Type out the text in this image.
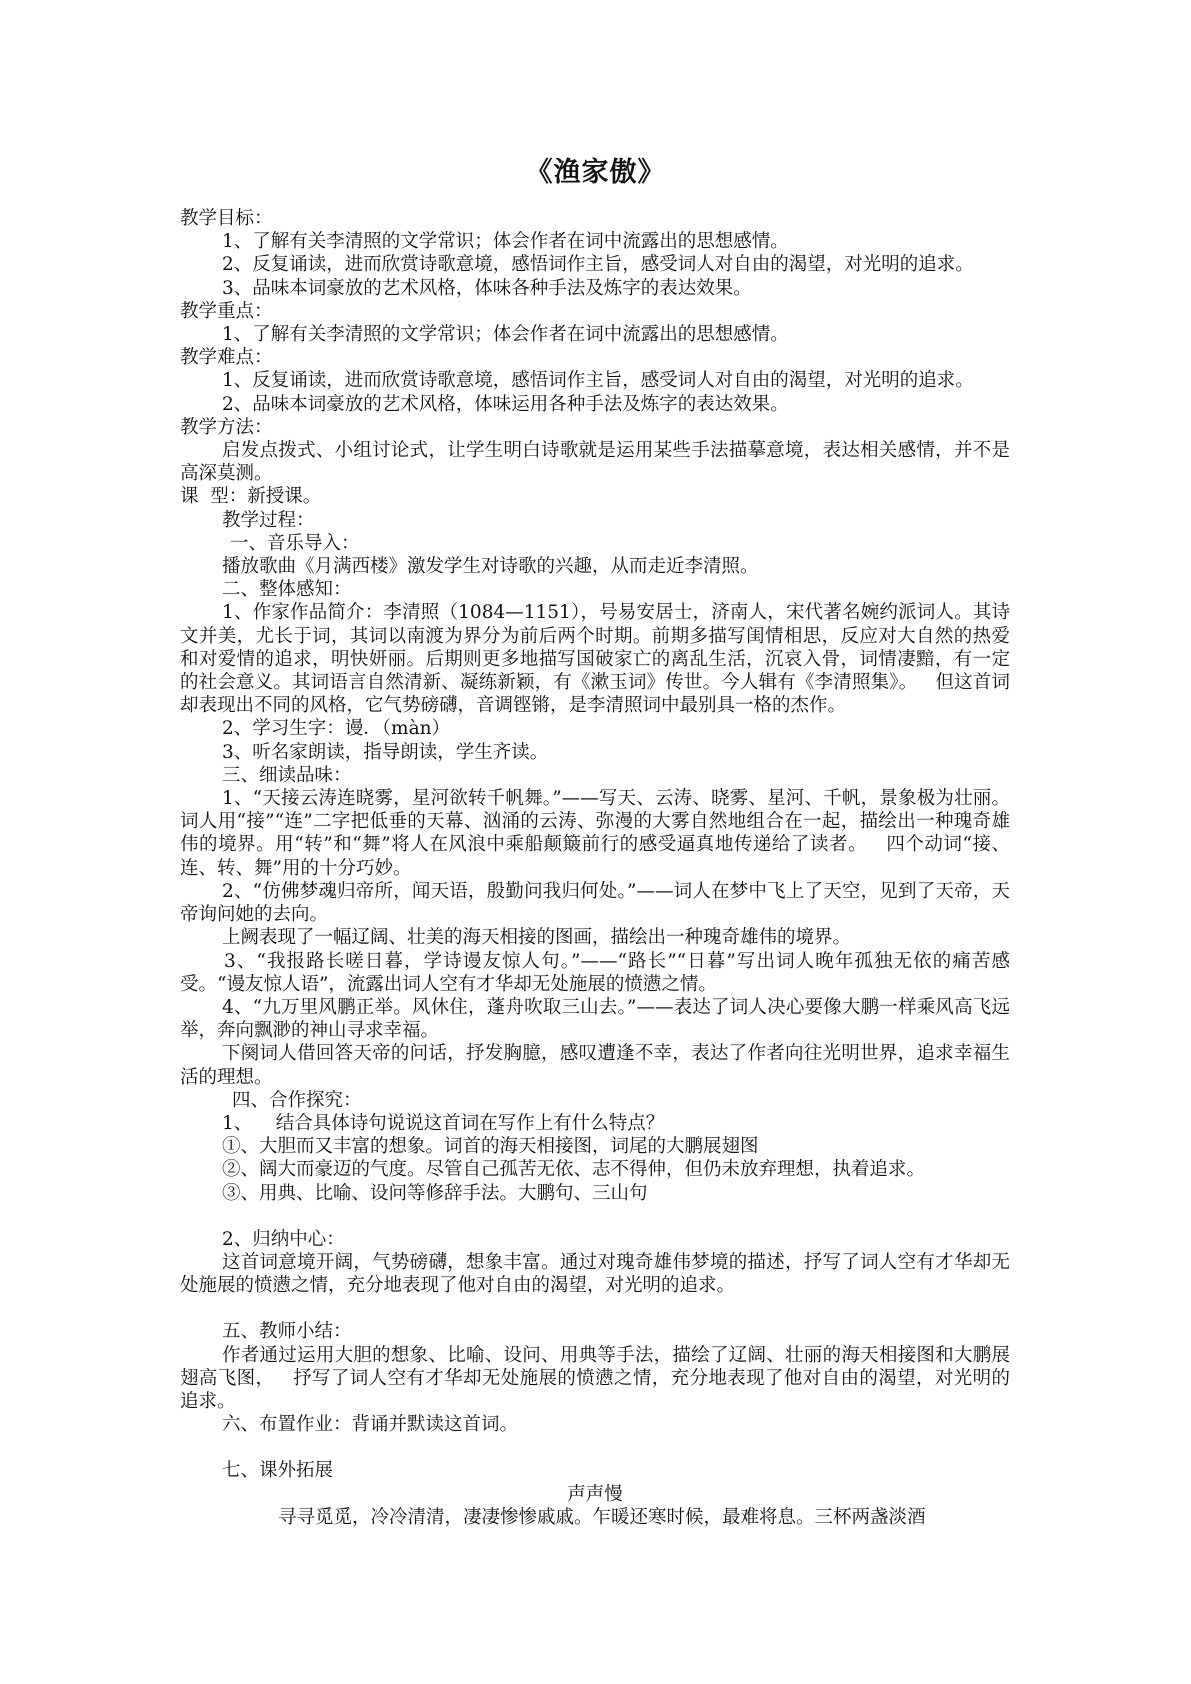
《渔家傲》
教学目标：
1、了解有关李清照的文学常识；体会作者在词中流露出的思想感情。
2、反复诵读，进而欣赏诗歌意境，感悟词作主旨，感受词人对自由的渴望，对光明的追求。
3、品味本词豪放的艺术风格，体味各种手法及炼字的表达效果。
教学重点：
1、了解有关李清照的文学常识；体会作者在词中流露出的思想感情。
教学难点：
1、反复诵读，进而欣赏诗歌意境，感悟词作主旨，感受词人对自由的渴望，对光明的追求。
2、品味本词豪放的艺术风格，体味运用各种手法及炼字的表达效果。
教学方法：
启发点拨式、小组讨论式，让学生明白诗歌就是运用某些手法描摹意境，表达相关感情，并不是高深莫测。
课  型：新授课。
教学过程：
一、音乐导入：
播放歌曲《月满西楼》激发学生对诗歌的兴趣，从而走近李清照。
二、整体感知：
1、作家作品简介：李清照（1084—1151），号易安居士，济南人，宋代著名婉约派词人。其诗文并美，尤长于词，其词以南渡为界分为前后两个时期。前期多描写闺情相思，反应对大自然的热爱和对爱情的追求，明快妍丽。后期则更多地描写国破家亡的离乱生活，沉哀入骨，词情凄黯，有一定的社会意义。其词语言自然清新、凝练新颖，有《漱玉词》传世。今人辑有《李清照集》。   但这首词却表现出不同的风格，它气势磅礴，音调铿锵，是李清照词中最别具一格的杰作。
2、学习生字：谩．（màn）
3、听名家朗读，指导朗读，学生齐读。
三、细读品味：
1、“天接云涛连晓雾，星河欲转千帆舞。”——写天、云涛、晓雾、星河、千帆，景象极为壮丽。词人用“接”“连”二字把低垂的天幕、汹涌的云涛、弥漫的大雾自然地组合在一起，描绘出一种瑰奇雄伟的境界。用“转”和“舞”将人在风浪中乘船颠簸前行的感受逼真地传递给了读者。   四个动词“接、连、转、舞”用的十分巧妙。
2、“仿佛梦魂归帝所，闻天语，殷勤问我归何处。”——词人在梦中飞上了天空，见到了天帝，天帝询问她的去向。
上阙表现了一幅辽阔、壮美的海天相接的图画，描绘出一种瑰奇雄伟的境界。
3、“我报路长嗟日暮，学诗谩友惊人句。”——“路长”“日暮”写出词人晚年孤独无依的痛苦感受。“谩友惊人语”，流露出词人空有才华却无处施展的愤懑之情。
4、“九万里风鹏正举。风休住，蓬舟吹取三山去。”——表达了词人决心要像大鹏一样乘风高飞远举，奔向飘渺的神山寻求幸福。
下阕词人借回答天帝的问话，抒发胸臆，感叹遭逢不幸，表达了作者向往光明世界，追求幸福生活的理想。
四、合作探究：
1、    结合具体诗句说说这首词在写作上有什么特点？
①、大胆而又丰富的想象。词首的海天相接图，词尾的大鹏展翅图
②、阔大而豪迈的气度。尽管自己孤苦无依、志不得伸，但仍未放弃理想，执着追求。
③、用典、比喻、设问等修辞手法。大鹏句、三山句
2、归纳中心：
这首词意境开阔，气势磅礴，想象丰富。通过对瑰奇雄伟梦境的描述，抒写了词人空有才华却无处施展的愤懑之情，充分地表现了他对自由的渴望，对光明的追求。
五、教师小结：
作者通过运用大胆的想象、比喻、设问、用典等手法，描绘了辽阔、壮丽的海天相接图和大鹏展翅高飞图，   抒写了词人空有才华却无处施展的愤懑之情，充分地表现了他对自由的渴望，对光明的追求。
六、布置作业：背诵并默读这首词。
七、课外拓展
声声慢
寻寻觅觅，冷冷清清，凄凄惨惨戚戚。乍暖还寒时候，最难将息。三杯两盏淡酒
